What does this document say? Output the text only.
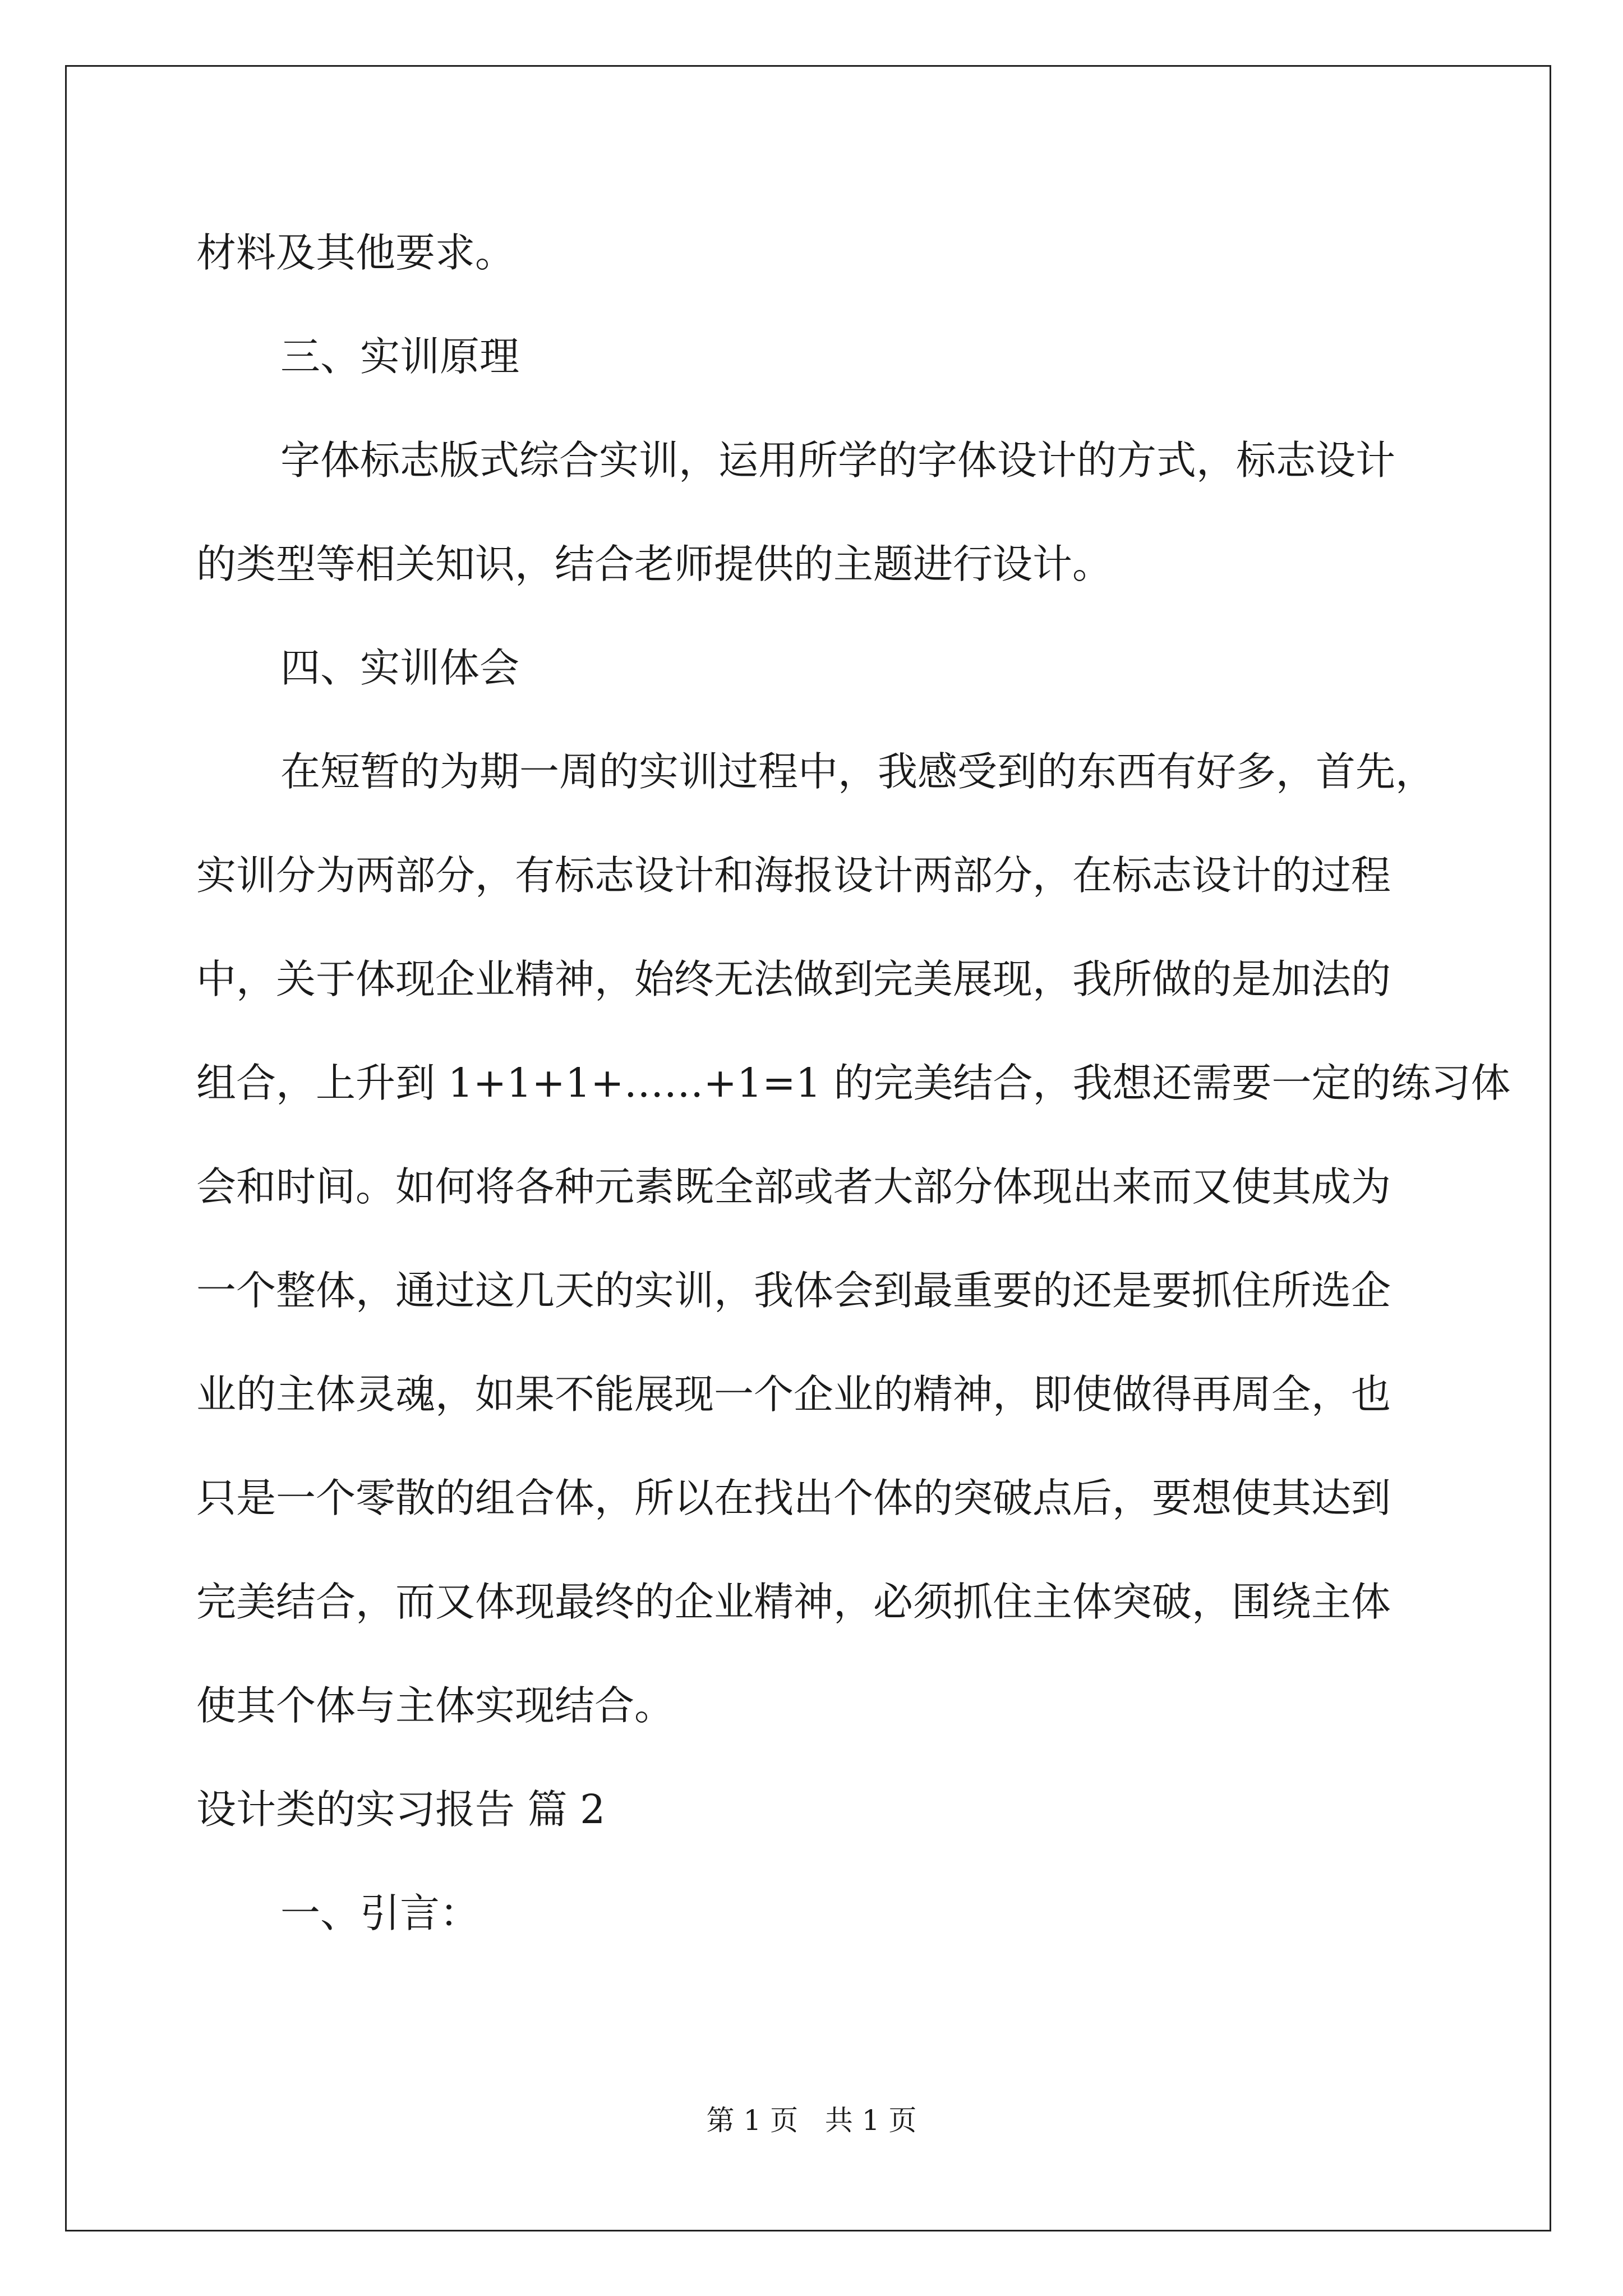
材料及其他要求。
三、实训原理
字体标志版式综合实训，运用所学的字体设计的方式，标志设计
的类型等相关知识，结合老师提供的主题进行设计。
四、实训体会
在短暂的为期一周的实训过程中，我感受到的东西有好多，首先，
实训分为两部分，有标志设计和海报设计两部分，在标志设计的过程
中，关于体现企业精神，始终无法做到完美展现，我所做的是加法的
组合，上升到 1+1+1+……+1=1 的完美结合，我想还需要一定的练习体
会和时间。如何将各种元素既全部或者大部分体现出来而又使其成为
一个整体，通过这几天的实训，我体会到最重要的还是要抓住所选企
业的主体灵魂，如果不能展现一个企业的精神，即使做得再周全，也
只是一个零散的组合体，所以在找出个体的突破点后，要想使其达到
完美结合，而又体现最终的企业精神，必须抓住主体突破，围绕主体
使其个体与主体实现结合。
设计类的实习报告 篇 2
一、引言：
第 1 页   共 1 页
